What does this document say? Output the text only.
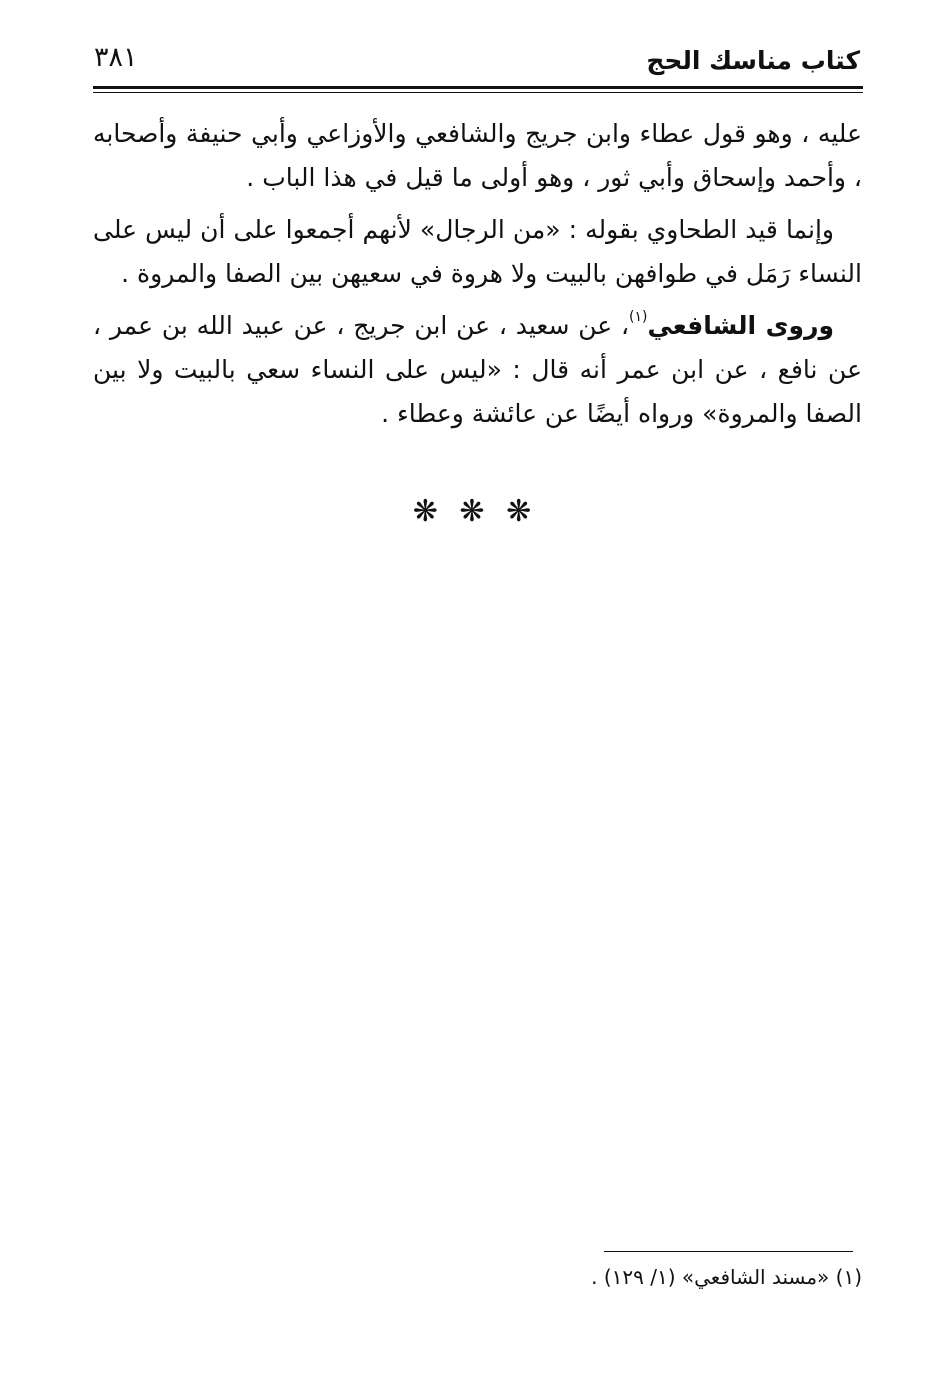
٣٨١	كتاب مناسك الحج

عليه ، وهو قول عطاء وابن جريج والشافعي والأوزاعي وأبي حنيفة وأصحابه ، وأحمد وإسحاق وأبي ثور ، وهو أولى ما قيل في هذا الباب .

وإنما قيد الطحاوي بقوله : «من الرجال» لأنهم أجمعوا على أن ليس على النساء رَمَل في طوافهن بالبيت ولا هروة في سعيهن بين الصفا والمروة .

وروى الشافعي$^{(١)}$، عن سعيد ، عن ابن جريج ، عن عبيد الله بن عمر ، عن نافع ، عن ابن عمر أنه قال : «ليس على النساء سعي بالبيت ولا بين الصفا والمروة» ورواه أيضًا عن عائشة وعطاء .

❋ ❋ ❋
(١) «مسند الشافعي» (١/ ١٢٩) .
